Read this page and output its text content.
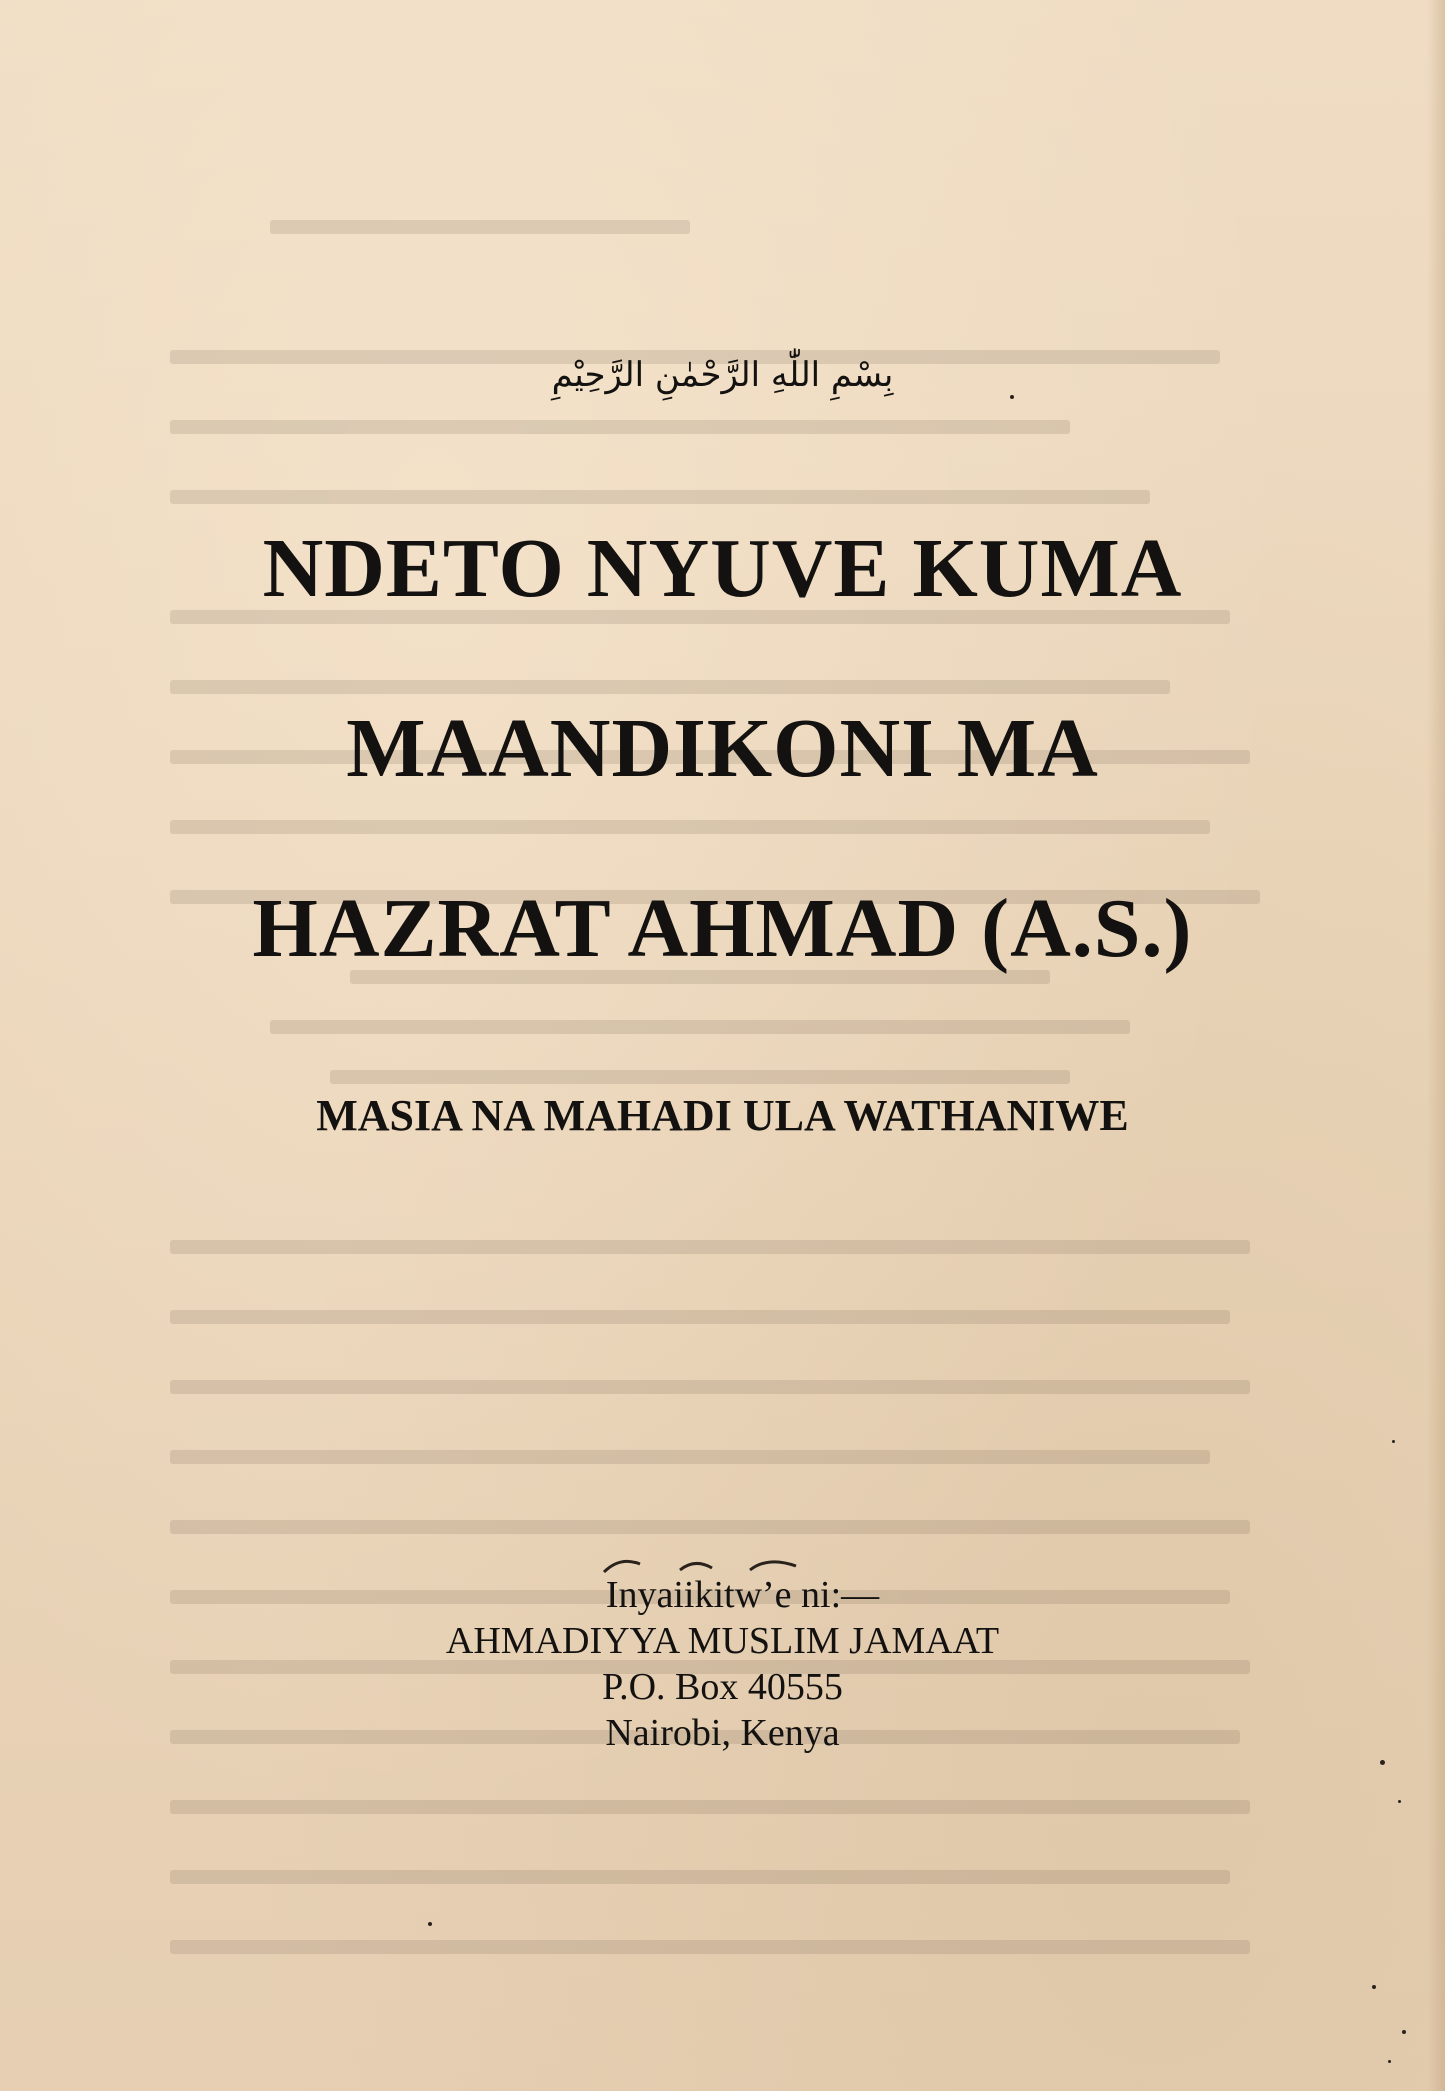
بِسْمِ اللّٰهِ الرَّحْمٰنِ الرَّحِيْمِ
NDETO NYUVE KUMA
MAANDIKONI MA
HAZRAT AHMAD (A.S.)
MASIA NA MAHADI ULA WATHANIWE
Inyaiikitw’e ni:—
AHMADIYYA MUSLIM JAMAAT
P.O. Box 40555
Nairobi, Kenya
